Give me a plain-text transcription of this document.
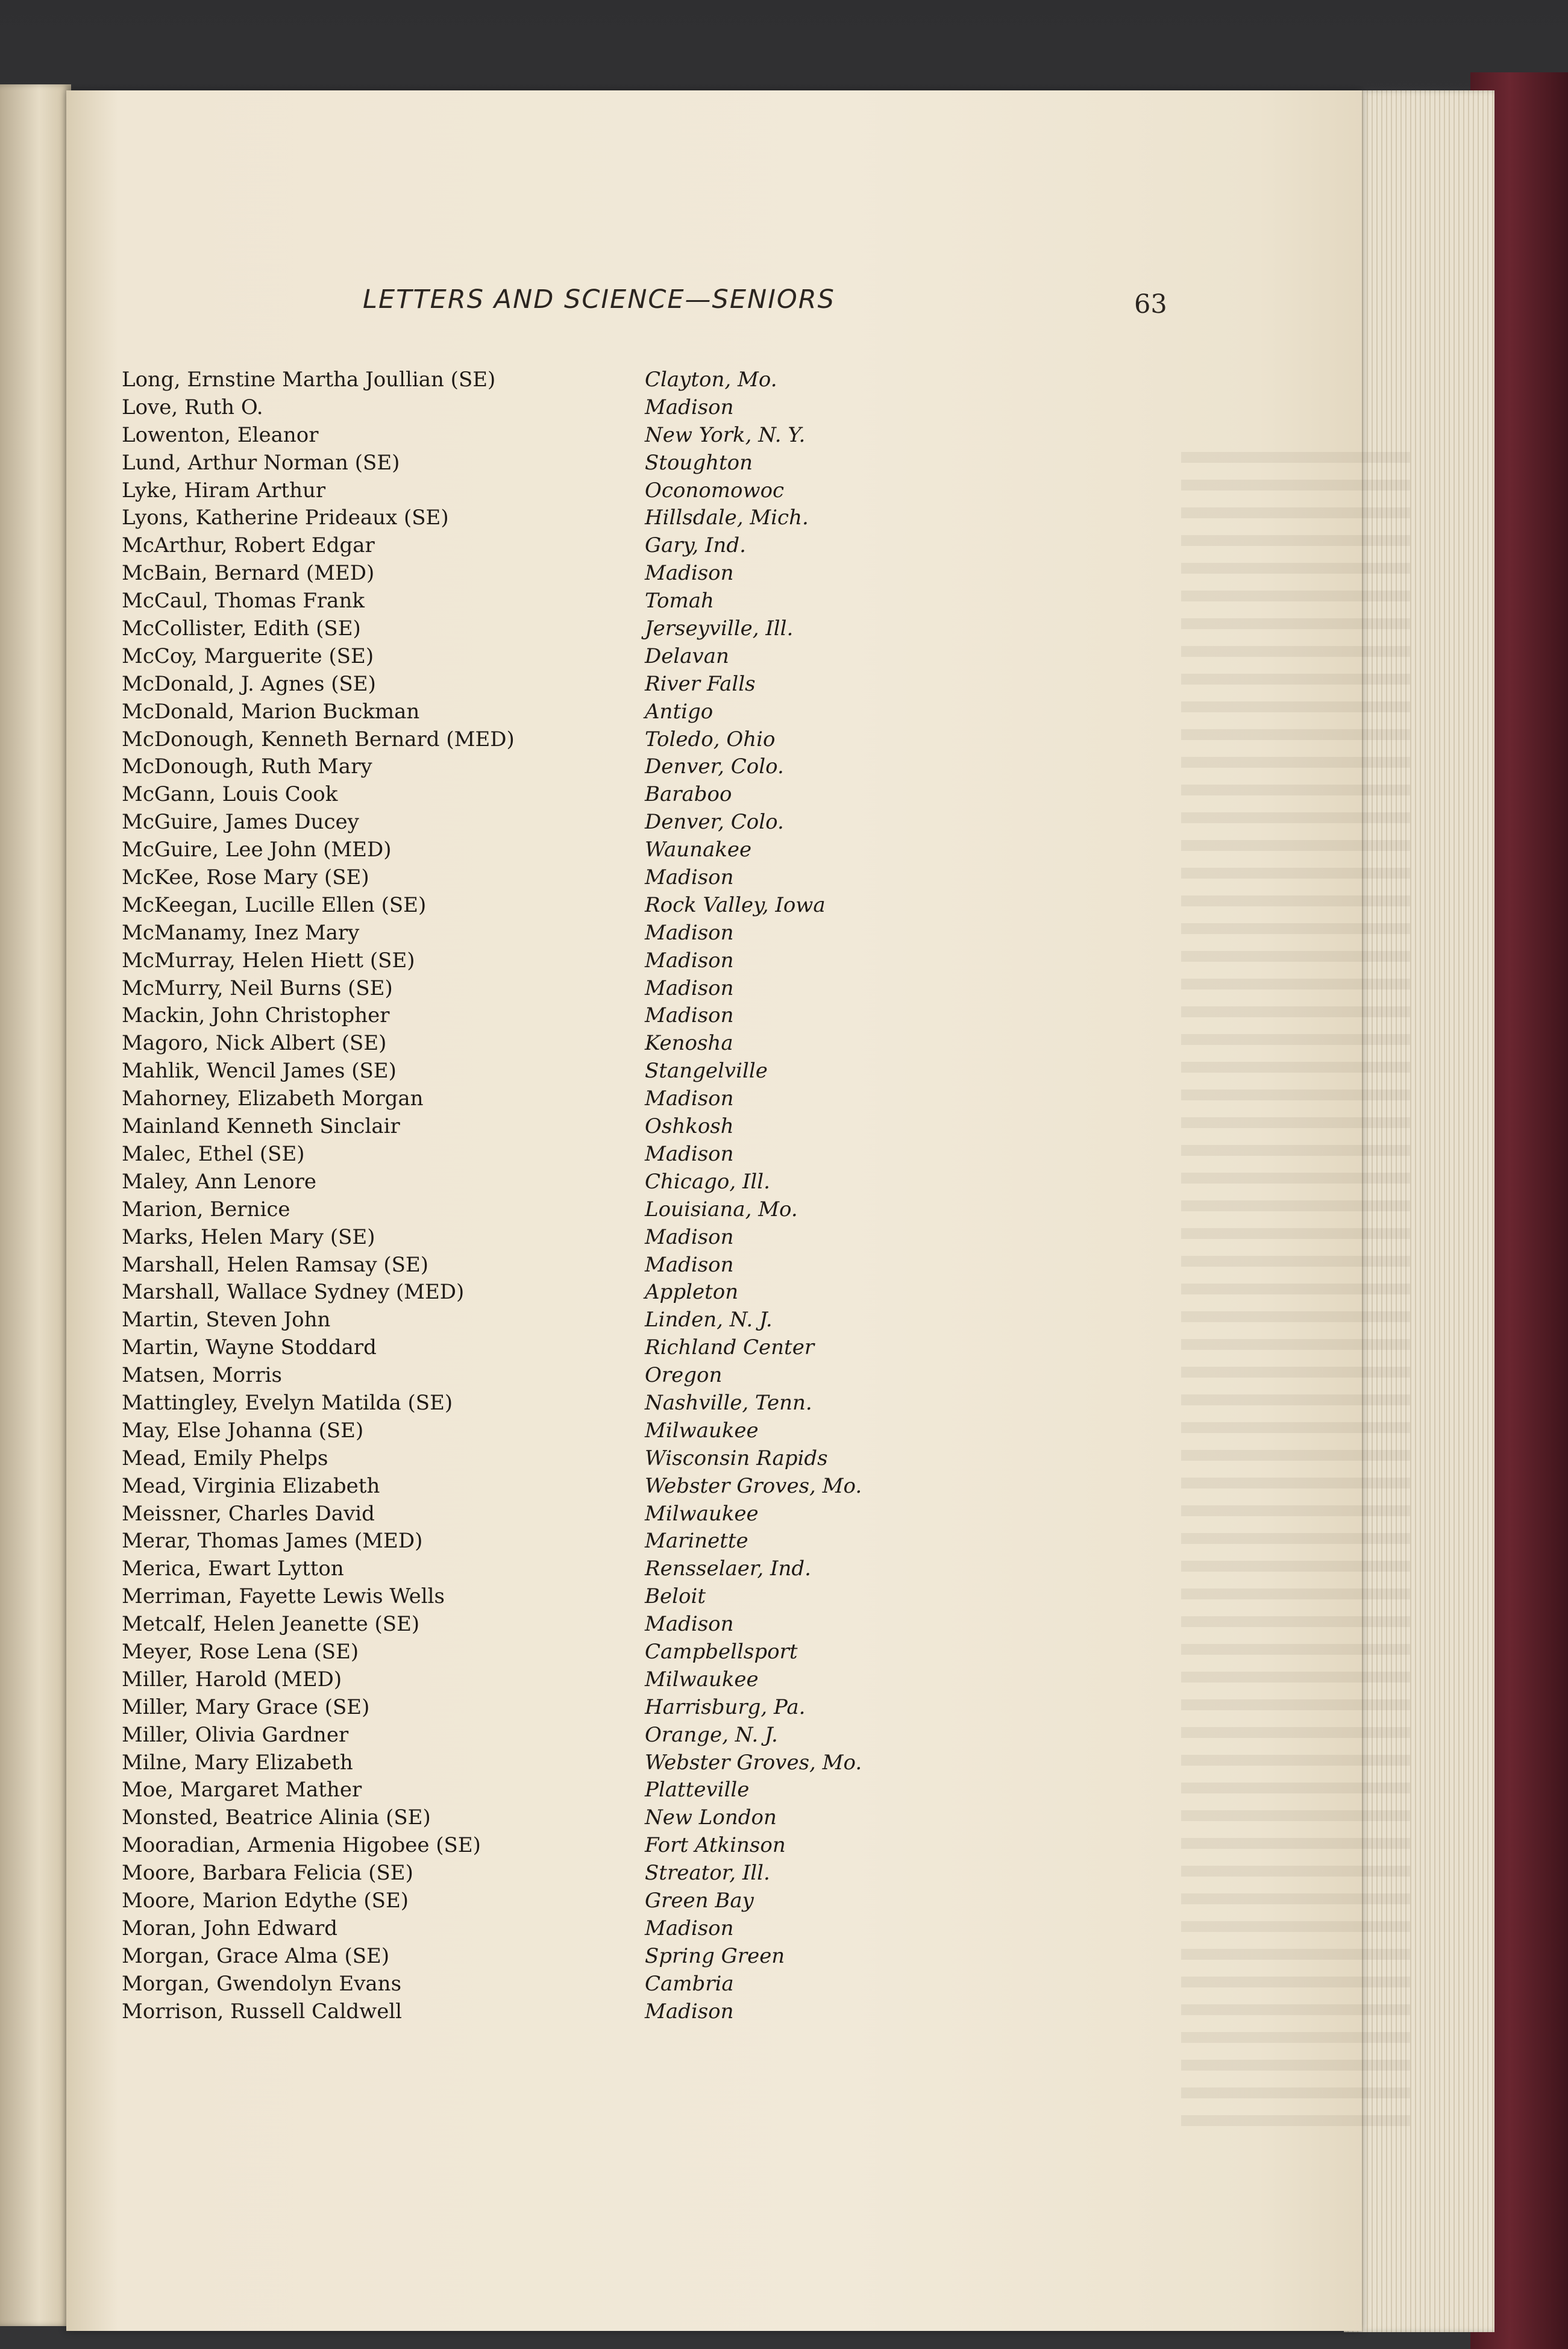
LETTERS AND SCIENCE—SENIORS	63
Long, Ernstine Martha Joullian (SE)	Clayton, Mo.
Love, Ruth O.	Madison
Lowenton, Eleanor	New York, N. Y.
Lund, Arthur Norman (SE)	Stoughton
Lyke, Hiram Arthur	Oconomowoc
Lyons, Katherine Prideaux (SE)	Hillsdale, Mich.
McArthur, Robert Edgar	Gary, Ind.
McBain, Bernard (MED)	Madison
McCaul, Thomas Frank	Tomah
McCollister, Edith (SE)	Jerseyville, Ill.
McCoy, Marguerite (SE)	Delavan
McDonald, J. Agnes (SE)	River Falls
McDonald, Marion Buckman	Antigo
McDonough, Kenneth Bernard (MED)	Toledo, Ohio
McDonough, Ruth Mary	Denver, Colo.
McGann, Louis Cook	Baraboo
McGuire, James Ducey	Denver, Colo.
McGuire, Lee John (MED)	Waunakee
McKee, Rose Mary (SE)	Madison
McKeegan, Lucille Ellen (SE)	Rock Valley, Iowa
McManamy, Inez Mary	Madison
McMurray, Helen Hiett (SE)	Madison
McMurry, Neil Burns (SE)	Madison
Mackin, John Christopher	Madison
Magoro, Nick Albert (SE)	Kenosha
Mahlik, Wencil James (SE)	Stangelville
Mahorney, Elizabeth Morgan	Madison
Mainland Kenneth Sinclair	Oshkosh
Malec, Ethel (SE)	Madison
Maley, Ann Lenore	Chicago, Ill.
Marion, Bernice	Louisiana, Mo.
Marks, Helen Mary (SE)	Madison
Marshall, Helen Ramsay (SE)	Madison
Marshall, Wallace Sydney (MED)	Appleton
Martin, Steven John	Linden, N. J.
Martin, Wayne Stoddard	Richland Center
Matsen, Morris	Oregon
Mattingley, Evelyn Matilda (SE)	Nashville, Tenn.
May, Else Johanna (SE)	Milwaukee
Mead, Emily Phelps	Wisconsin Rapids
Mead, Virginia Elizabeth	Webster Groves, Mo.
Meissner, Charles David	Milwaukee
Merar, Thomas James (MED)	Marinette
Merica, Ewart Lytton	Rensselaer, Ind.
Merriman, Fayette Lewis Wells	Beloit
Metcalf, Helen Jeanette (SE)	Madison
Meyer, Rose Lena (SE)	Campbellsport
Miller, Harold (MED)	Milwaukee
Miller, Mary Grace (SE)	Harrisburg, Pa.
Miller, Olivia Gardner	Orange, N. J.
Milne, Mary Elizabeth	Webster Groves, Mo.
Moe, Margaret Mather	Platteville
Monsted, Beatrice Alinia (SE)	New London
Mooradian, Armenia Higobee (SE)	Fort Atkinson
Moore, Barbara Felicia (SE)	Streator, Ill.
Moore, Marion Edythe (SE)	Green Bay
Moran, John Edward	Madison
Morgan, Grace Alma (SE)	Spring Green
Morgan, Gwendolyn Evans	Cambria
Morrison, Russell Caldwell	Madison
